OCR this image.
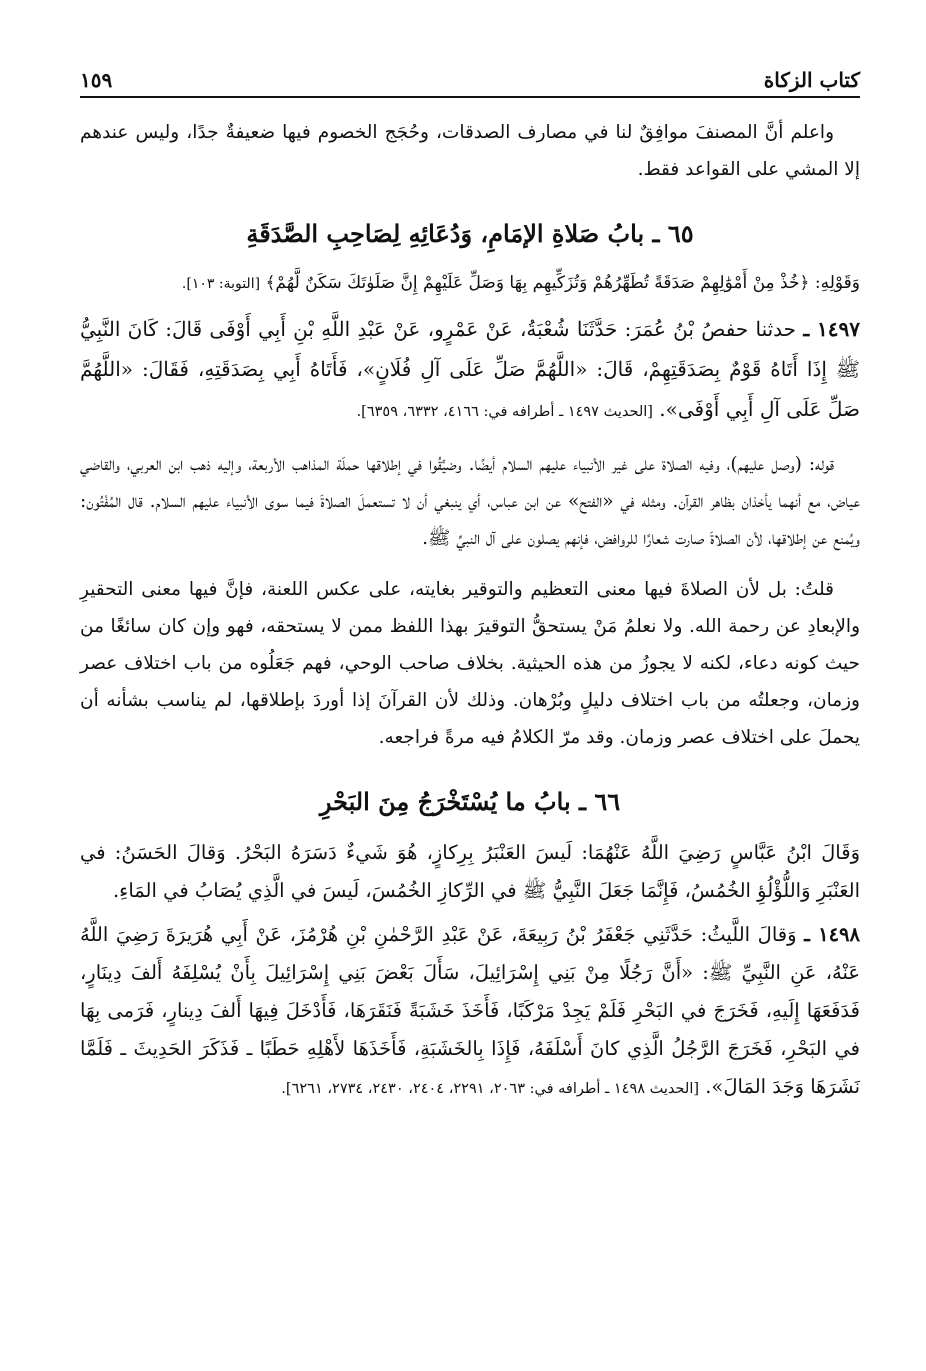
كتاب الزكاة
١٥٩

واعلم أنَّ المصنفَ موافِقٌ لنا في مصارف الصدقات، وحُجَج الخصوم فيها ضعيفةٌ جدًا، وليس عندهم إلا المشي على القواعد فقط.

٦٥ ـ بابُ صَلاةِ الإمَامِ، وَدُعَائِهِ لِصَاحِبِ الصَّدَقَةِ

وَقَوْلِهِ: ﴿خُذْ مِنْ أَمْوَٰلِهِمْ صَدَقَةً تُطَهِّرُهُمْ وَتُزَكِّيهِم بِهَا وَصَلِّ عَلَيْهِمْ إِنَّ صَلَوٰتَكَ سَكَنٌ لَّهُمْ﴾ [التوبة: ١٠٣].

١٤٩٧ ـ حدثنا حفصُ بْنُ عُمَرَ: حَدَّثَنَا شُعْبَةُ، عَنْ عَمْرٍو، عَنْ عَبْدِ اللَّهِ بْنِ أَبِي أَوْفَى قَالَ: كَانَ النَّبِيُّ ﷺ إِذَا أَتَاهُ قَوْمٌ بِصَدَقَتِهِمْ، قَالَ: «اللَّهُمَّ صَلِّ عَلَى آلِ فُلَانٍ»، فَأَتَاهُ أَبِي بِصَدَقَتِهِ، فَقَالَ: «اللَّهُمَّ صَلِّ عَلَى آلِ أَبِي أَوْفَى». [الحديث ١٤٩٧ ـ أطرافه في: ٤١٦٦، ٦٣٣٢، ٦٣٥٩].

قوله: (وصل عليهم)، وفيه الصلاة على غير الأنبياء عليهم السلام أيضًا. وضيَّقُوا في إطلاقها حملَة المذاهب الأربعة، وإليه ذهب ابن العربي، والقاضي عياض، مع أنهما يأخذان بظاهر القرآن. ومثله في «الفتح» عن ابن عباس، أي ينبغي أن لا تستعملَ الصلاةَ فيما سوى الأنبياء عليهم السلام. قال المُفْتُون: ويُمنع عن إطلاقها، لأن الصلاةَ صارت شعارًا للروافض، فإنهم يصلون على آل النبيِّ ﷺ.

قلتُ: بل لأن الصلاةَ فيها معنى التعظيم والتوقير بغايته، على عكس اللعنة، فإنَّ فيها معنى التحقيرِ والإبعادِ عن رحمة الله. ولا نعلمُ مَنْ يستحقُّ التوقيرَ بهذا اللفظ ممن لا يستحقه، فهو وإن كان سائغًا من حيث كونه دعاء، لكنه لا يجوزُ من هذه الحيثية. بخلاف صاحب الوحي، فهم جَعَلُوه من باب اختلاف عصر وزمان، وجعلتُه من باب اختلاف دليلٍ وبُرْهان. وذلك لأن القرآنَ إذا أوردَ بإطلاقها، لم يناسب بشأنه أن يحملَ على اختلاف عصر وزمان. وقد مرّ الكلامُ فيه مرةً فراجعه.

٦٦ ـ بابُ ما يُسْتَخْرَجُ مِنَ البَحْرِ

وَقَالَ ابْنُ عَبَّاسٍ رَضِيَ اللَّهُ عَنْهُمَا: لَيسَ العَنْبَرُ بِرِكازٍ، هُوَ شَيءٌ دَسَرَهُ البَحْرُ. وَقالَ الحَسَنُ: في العَنْبَرِ وَاللُّؤْلُؤِ الخُمُسُ، فَإِنَّمَا جَعَلَ النَّبِيُّ ﷺ في الرِّكازِ الخُمُسَ، لَيسَ في الَّذِي يُصَابُ في المَاءِ.

١٤٩٨ ـ وَقالَ اللَّيثُ: حَدَّثَنِي جَعْفَرُ بْنُ رَبِيعَةَ، عَنْ عَبْدِ الرَّحْمٰنِ بْنِ هُرْمُزَ، عَنْ أَبِي هُرَيرَةَ رَضِيَ اللَّهُ عَنْهُ، عَنِ النَّبِيِّ ﷺ: «أَنَّ رَجُلًا مِنْ بَنِي إِسْرَائِيلَ، سَأَلَ بَعْضَ بَنِي إِسْرَائِيلَ بِأَنْ يُسْلِفَهُ أَلفَ دِينَارٍ، فَدَفَعَهَا إِلَيهِ، فَخَرَجَ في البَحْرِ فَلَمْ يَجِدْ مَرْكَبًا، فَأَخَذَ خَشَبَةً فَنَقَرَهَا، فَأَدْخَلَ فِيهَا أَلفَ دِينارٍ، فَرَمى بِهَا في البَحْرِ، فَخَرَجَ الرَّجُلُ الَّذِي كانَ أَسْلَفَهُ، فَإِذَا بِالخَشَبَةِ، فَأَخَذَهَا لأَهْلِهِ حَطَبًا ـ فَذَكَرَ الحَدِيثَ ـ فَلَمَّا نَشَرَهَا وَجَدَ المَالَ». [الحديث ١٤٩٨ ـ أطرافه في: ٢٠٦٣، ٢٢٩١، ٢٤٠٤، ٢٤٣٠، ٢٧٣٤، ٦٢٦١].
